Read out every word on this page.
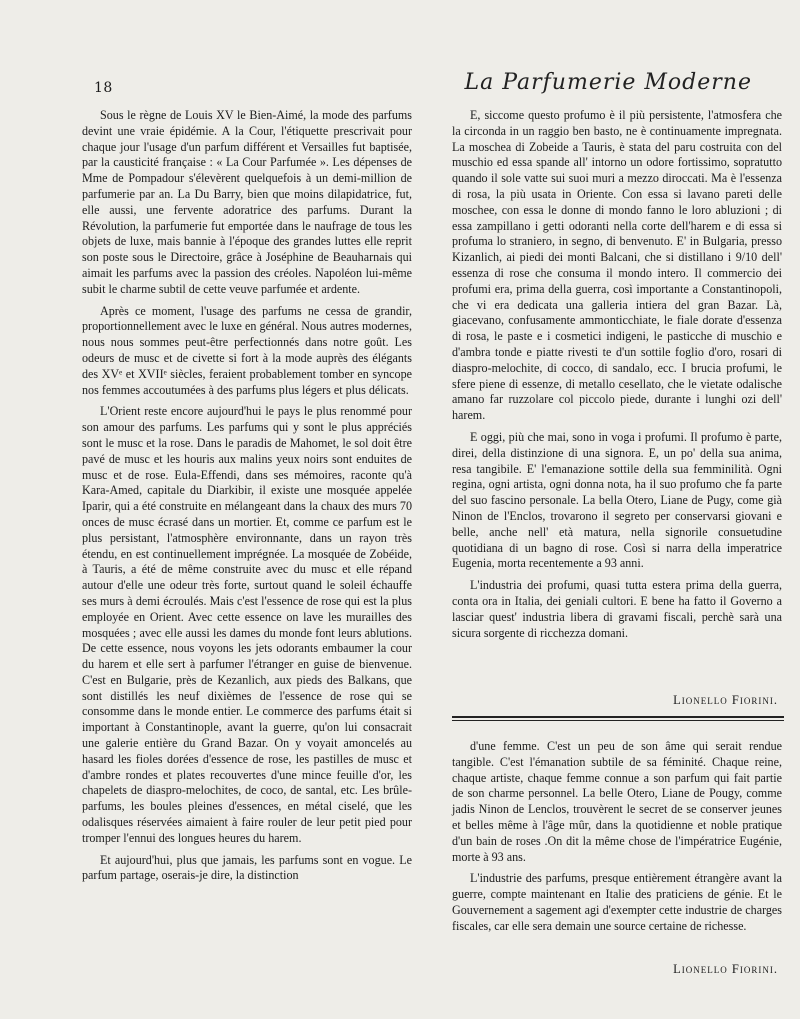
18	La Parfumerie Moderne

Sous le règne de Louis XV le Bien-Aimé, la mode des parfums devint une vraie épidémie. A la Cour, l'étiquette prescrivait pour chaque jour l'usage d'un parfum différent et Versailles fut baptisée, par la causticité française : « La Cour Parfumée ». Les dépenses de Mme de Pompadour s'élevèrent quelquefois à un demi-million de parfumerie par an. La Du Barry, bien que moins dilapidatrice, fut, elle aussi, une fervente adoratrice des parfums. Durant la Révolution, la parfumerie fut emportée dans le naufrage de tous les objets de luxe, mais bannie à l'époque des grandes luttes elle reprit son poste sous le Directoire, grâce à Joséphine de Beauharnais qui aimait les parfums avec la passion des créoles. Napoléon lui-même subit le charme subtil de cette veuve parfumée et ardente.

Après ce moment, l'usage des parfums ne cessa de grandir, proportionnellement avec le luxe en général. Nous autres modernes, nous nous sommes peut-être perfectionnés dans notre goût. Les odeurs de musc et de civette si fort à la mode auprès des élégants des XVᵉ et XVIIᵉ siècles, feraient probablement tomber en syncope nos femmes accoutumées à des parfums plus légers et plus délicats.

L'Orient reste encore aujourd'hui le pays le plus renommé pour son amour des parfums. Les parfums qui y sont le plus appréciés sont le musc et la rose. Dans le paradis de Mahomet, le sol doit être pavé de musc et les houris aux malins yeux noirs sont enduites de musc et de rose. Eula-Effendi, dans ses mémoires, raconte qu'à Kara-Amed, capitale du Diarkibir, il existe une mosquée appelée Iparir, qui a été construite en mélangeant dans la chaux des murs 70 onces de musc écrasé dans un mortier. Et, comme ce parfum est le plus persistant, l'atmosphère environnante, dans un rayon très étendu, en est continuellement imprégnée. La mosquée de Zobéide, à Tauris, a été de même construite avec du musc et elle répand autour d'elle une odeur très forte, surtout quand le soleil échauffe ses murs à demi écroulés. Mais c'est l'essence de rose qui est la plus employée en Orient. Avec cette essence on lave les murailles des mosquées ; avec elle aussi les dames du monde font leurs ablutions. De cette essence, nous voyons les jets odorants embaumer la cour du harem et elle sert à parfumer l'étranger en guise de bienvenue. C'est en Bulgarie, près de Kezanlich, aux pieds des Balkans, que sont distillés les neuf dixièmes de l'essence de rose qui se consomme dans le monde entier. Le commerce des parfums était si important à Constantinople, avant la guerre, qu'on lui consacrait une galerie entière du Grand Bazar. On y voyait amoncelés au hasard les fioles dorées d'essence de rose, les pastilles de musc et d'ambre rondes et plates recouvertes d'une mince feuille d'or, les chapelets de diaspro-melochites, de coco, de santal, etc. Les brûle-parfums, les boules pleines d'essences, en métal ciselé, que les odalisques réservées aimaient à faire rouler de leur petit pied pour tromper l'ennui des longues heures du harem.

Et aujourd'hui, plus que jamais, les parfums sont en vogue. Le parfum partage, oserais-je dire, la distinction

E, siccome questo profumo è il più persistente, l'atmosfera che la circonda in un raggio ben basto, ne è continuamente impregnata. La moschea di Zobeide a Tauris, è stata del paru costruita con del muschio ed essa spande all' intorno un odore fortissimo, sopratutto quando il sole vatte sui suoi muri a mezzo diroccati. Ma è l'essenza di rosa, la più usata in Oriente. Con essa si lavano pareti delle moschee, con essa le donne di mondo fanno le loro abluzioni ; di essa zampillano i getti odoranti nella corte dell'harem e di essa si profuma lo straniero, in segno, di benvenuto. E' in Bulgaria, presso Kizanlich, ai piedi dei monti Balcani, che si distillano i 9/10 dell' essenza di rose che consuma il mondo intero. Il commercio dei profumi era, prima della guerra, così importante a Constantinopoli, che vi era dedicata una galleria intiera del gran Bazar. Là, giacevano, confusamente ammonticchiate, le fiale dorate d'essenza di rosa, le paste e i cosmetici indigeni, le pasticche di muschio e d'ambra tonde e piatte rivesti te d'un sottile foglio d'oro, rosari di diaspro-melochite, di cocco, di sandalo, ecc. I brucia profumi, le sfere piene di essenze, di metallo cesellato, che le vietate odalische amano far ruzzolare col piccolo piede, durante i lunghi ozi dell' harem.

E oggi, più che mai, sono in voga i profumi. Il profumo è parte, direi, della distinzione di una signora. E, un po' della sua anima, resa tangibile. E' l'emanazione sottile della sua femminilità. Ogni regina, ogni artista, ogni donna nota, ha il suo profumo che fa parte del suo fascino personale. La bella Otero, Liane de Pugy, come già Ninon de l'Enclos, trovarono il segreto per conservarsi giovani e belle, anche nell' età matura, nella signorile consuetudine quotidiana di un bagno di rose. Così si narra della imperatrice Eugenia, morta recentemente a 93 anni.

L'industria dei profumi, quasi tutta estera prima della guerra, conta ora in Italia, dei geniali cultori. E bene ha fatto il Governo a lasciar quest' industria libera di gravami fiscali, perchè sarà una sicura sorgente di ricchezza domani.

Lionello Fiorini.

d'une femme. C'est un peu de son âme qui serait rendue tangible. C'est l'émanation subtile de sa féminité. Chaque reine, chaque artiste, chaque femme connue a son parfum qui fait partie de son charme personnel. La belle Otero, Liane de Pougy, comme jadis Ninon de Lenclos, trouvèrent le secret de se conserver jeunes et belles même à l'âge mûr, dans la quotidienne et noble pratique d'un bain de roses .On dit la même chose de l'impératrice Eugénie, morte à 93 ans.

L'industrie des parfums, presque entièrement étrangère avant la guerre, compte maintenant en Italie des praticiens de génie. Et le Gouvernement a sagement agi d'exempter cette industrie de charges fiscales, car elle sera demain une source certaine de richesse.

Lionello Fiorini.
